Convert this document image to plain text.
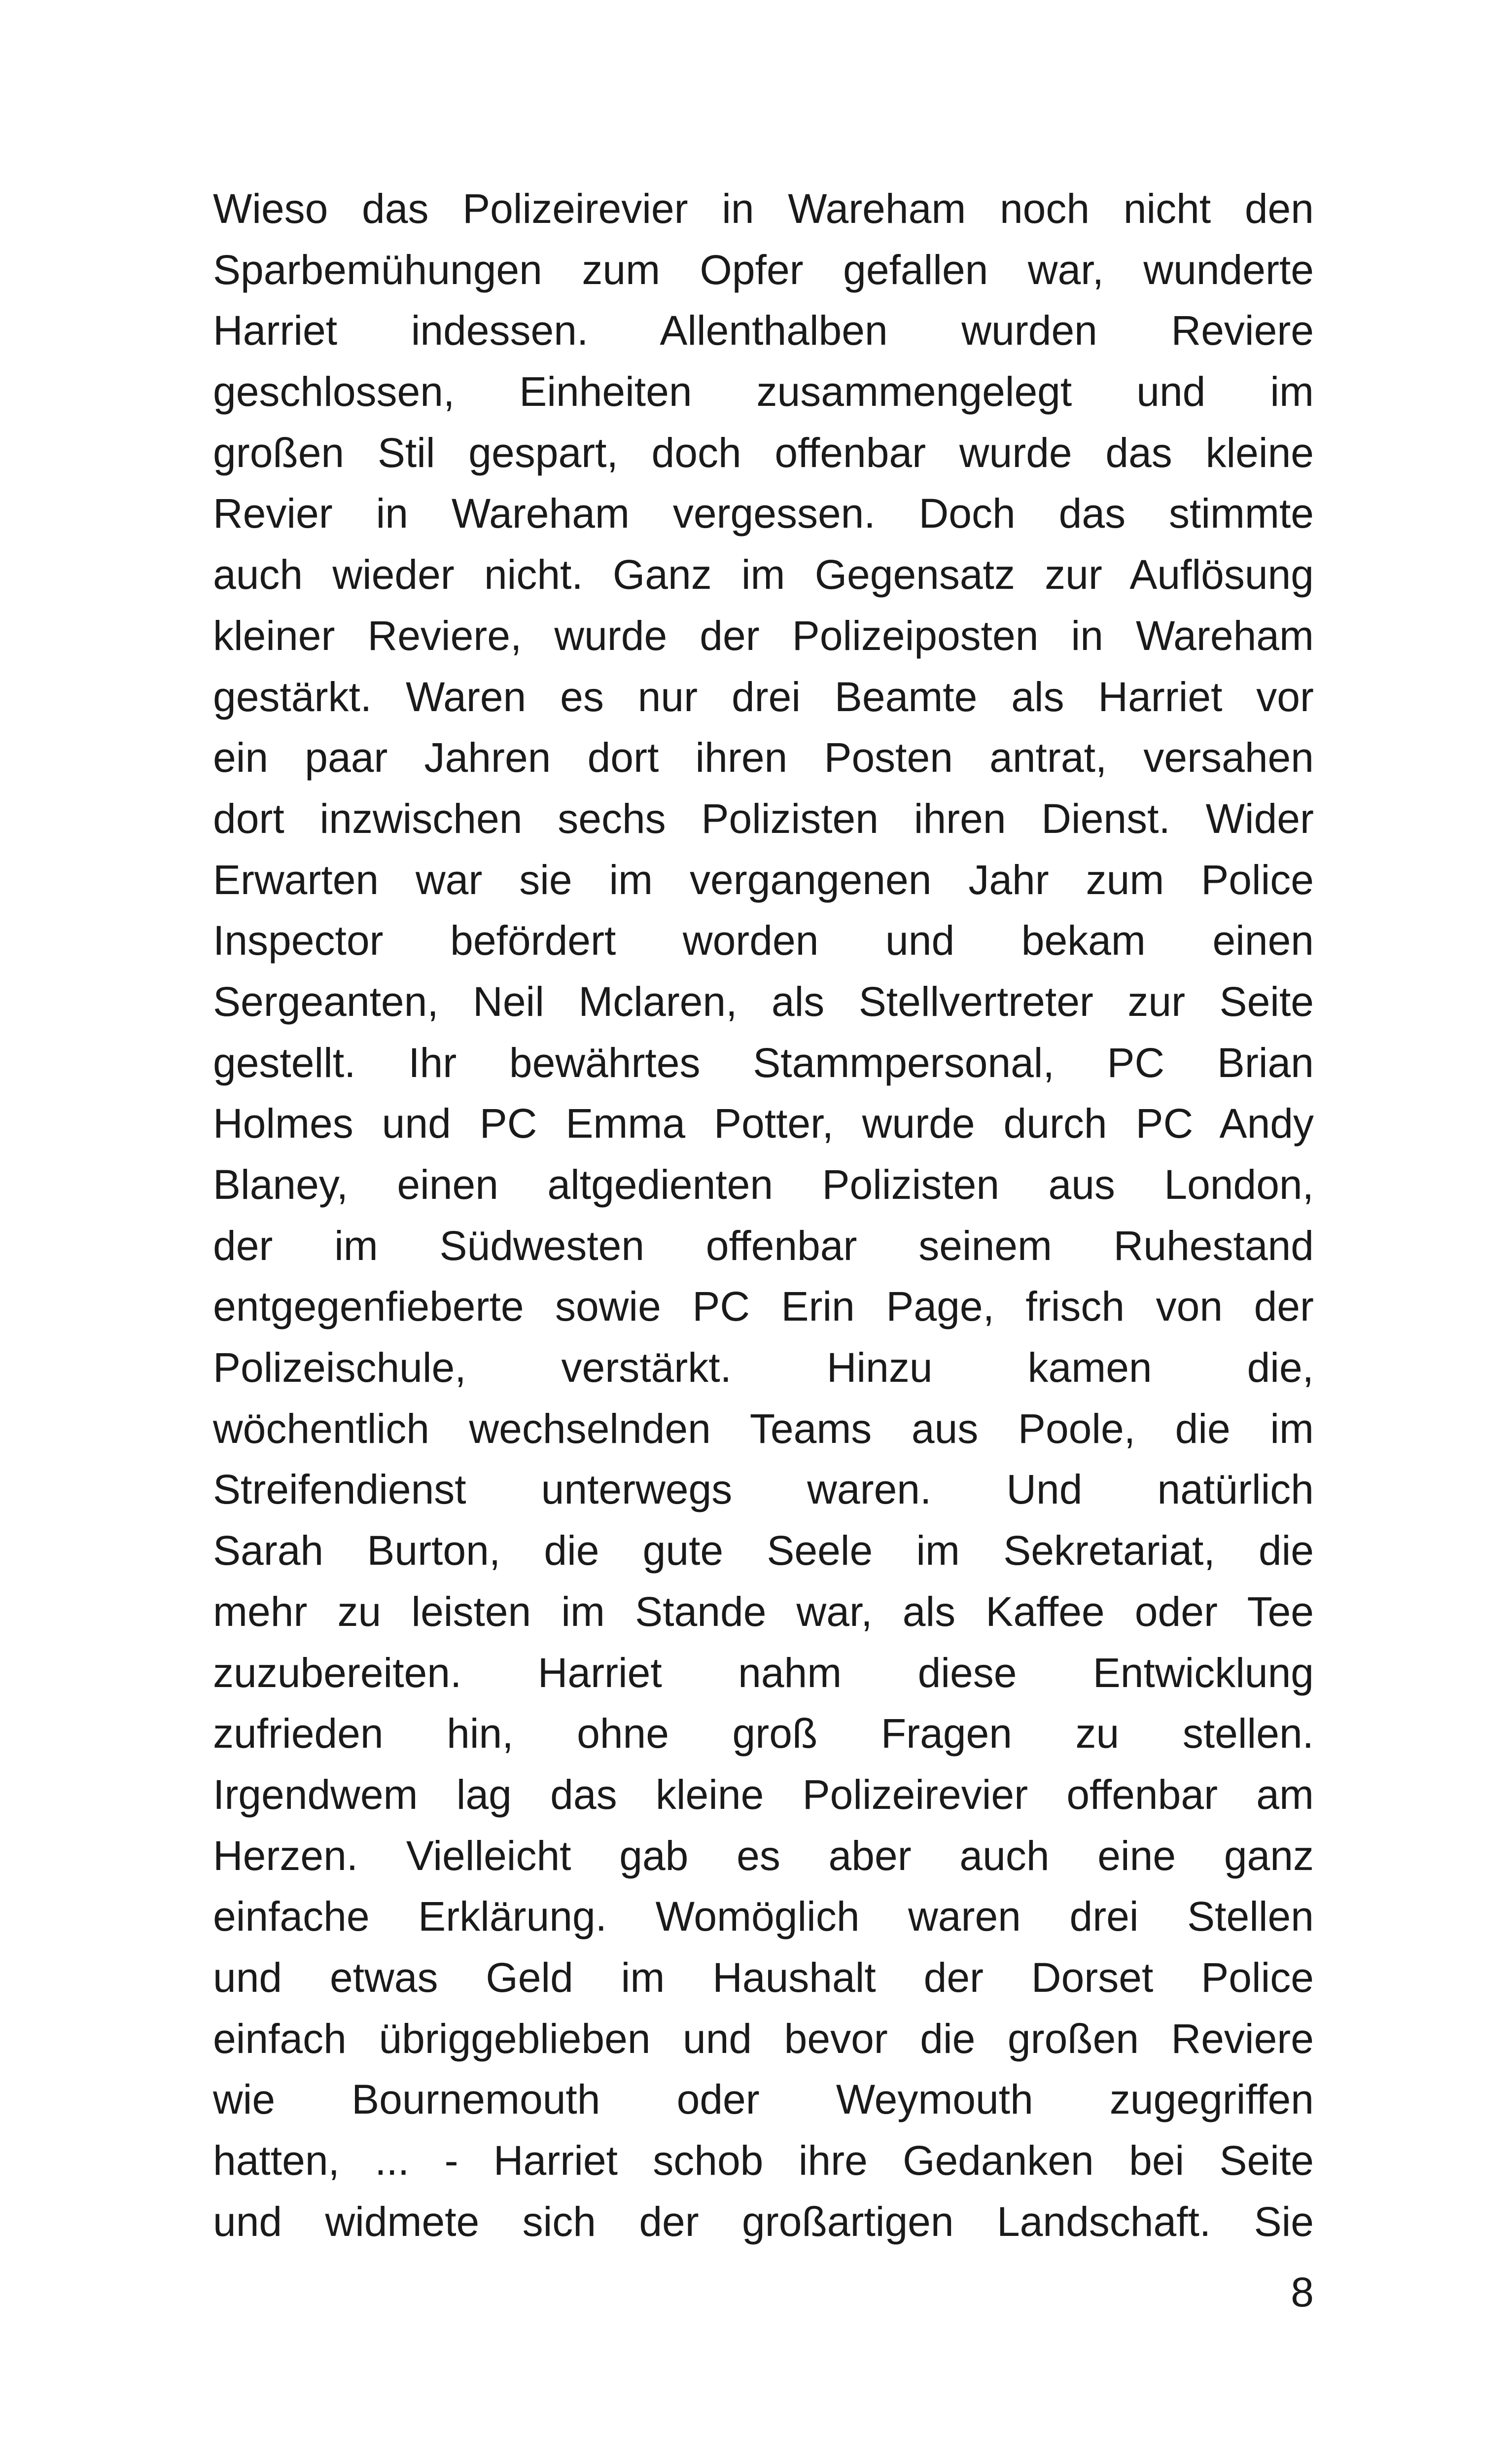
Wieso das Polizeirevier in Wareham noch nicht den
Sparbemühungen zum Opfer gefallen war, wunderte
Harriet indessen. Allenthalben wurden Reviere
geschlossen, Einheiten zusammengelegt und im
großen Stil gespart, doch offenbar wurde das kleine
Revier in Wareham vergessen. Doch das stimmte
auch wieder nicht. Ganz im Gegensatz zur Auflösung
kleiner Reviere, wurde der Polizeiposten in Wareham
gestärkt. Waren es nur drei Beamte als Harriet vor
ein paar Jahren dort ihren Posten antrat, versahen
dort inzwischen sechs Polizisten ihren Dienst. Wider
Erwarten war sie im vergangenen Jahr zum Police
Inspector befördert worden und bekam einen
Sergeanten, Neil Mclaren, als Stellvertreter zur Seite
gestellt. Ihr bewährtes Stammpersonal, PC Brian
Holmes und PC Emma Potter, wurde durch PC Andy
Blaney, einen altgedienten Polizisten aus London,
der im Südwesten offenbar seinem Ruhestand
entgegenfieberte sowie PC Erin Page, frisch von der
Polizeischule, verstärkt. Hinzu kamen die,
wöchentlich wechselnden Teams aus Poole, die im
Streifendienst unterwegs waren. Und natürlich
Sarah Burton, die gute Seele im Sekretariat, die
mehr zu leisten im Stande war, als Kaffee oder Tee
zuzubereiten. Harriet nahm diese Entwicklung
zufrieden hin, ohne groß Fragen zu stellen.
Irgendwem lag das kleine Polizeirevier offenbar am
Herzen. Vielleicht gab es aber auch eine ganz
einfache Erklärung. Womöglich waren drei Stellen
und etwas Geld im Haushalt der Dorset Police
einfach übriggeblieben und bevor die großen Reviere
wie Bournemouth oder Weymouth zugegriffen
hatten, ... - Harriet schob ihre Gedanken bei Seite
und widmete sich der großartigen Landschaft. Sie
8
